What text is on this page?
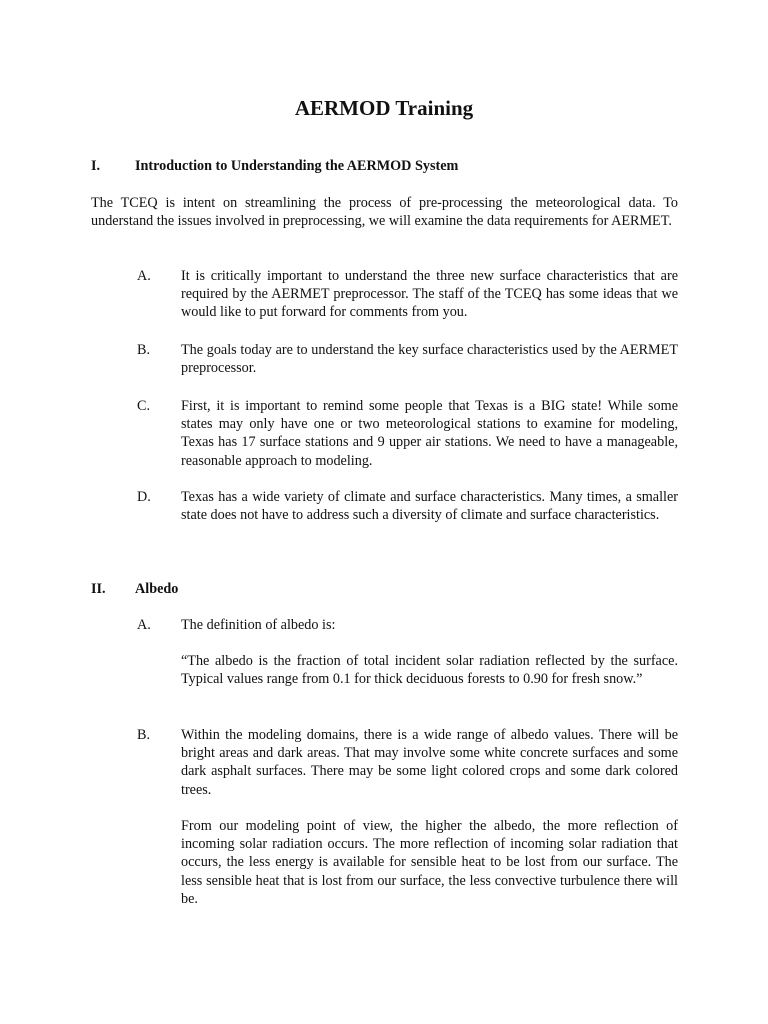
AERMOD Training
I. Introduction to Understanding the AERMOD System
The TCEQ is intent on streamlining the process of pre-processing the meteorological data. To understand the issues involved in preprocessing, we will examine the data requirements for AERMET.
A. It is critically important to understand the three new surface characteristics that are required by the AERMET preprocessor. The staff of the TCEQ has some ideas that we would like to put forward for comments from you.
B. The goals today are to understand the key surface characteristics used by the AERMET preprocessor.
C. First, it is important to remind some people that Texas is a BIG state! While some states may only have one or two meteorological stations to examine for modeling, Texas has 17 surface stations and 9 upper air stations. We need to have a manageable, reasonable approach to modeling.
D. Texas has a wide variety of climate and surface characteristics. Many times, a smaller state does not have to address such a diversity of climate and surface characteristics.
II. Albedo
A. The definition of albedo is:
“The albedo is the fraction of total incident solar radiation reflected by the surface. Typical values range from 0.1 for thick deciduous forests to 0.90 for fresh snow.”
B. Within the modeling domains, there is a wide range of albedo values. There will be bright areas and dark areas. That may involve some white concrete surfaces and some dark asphalt surfaces. There may be some light colored crops and some dark colored trees.
From our modeling point of view, the higher the albedo, the more reflection of incoming solar radiation occurs. The more reflection of incoming solar radiation that occurs, the less energy is available for sensible heat to be lost from our surface. The less sensible heat that is lost from our surface, the less convective turbulence there will be.
